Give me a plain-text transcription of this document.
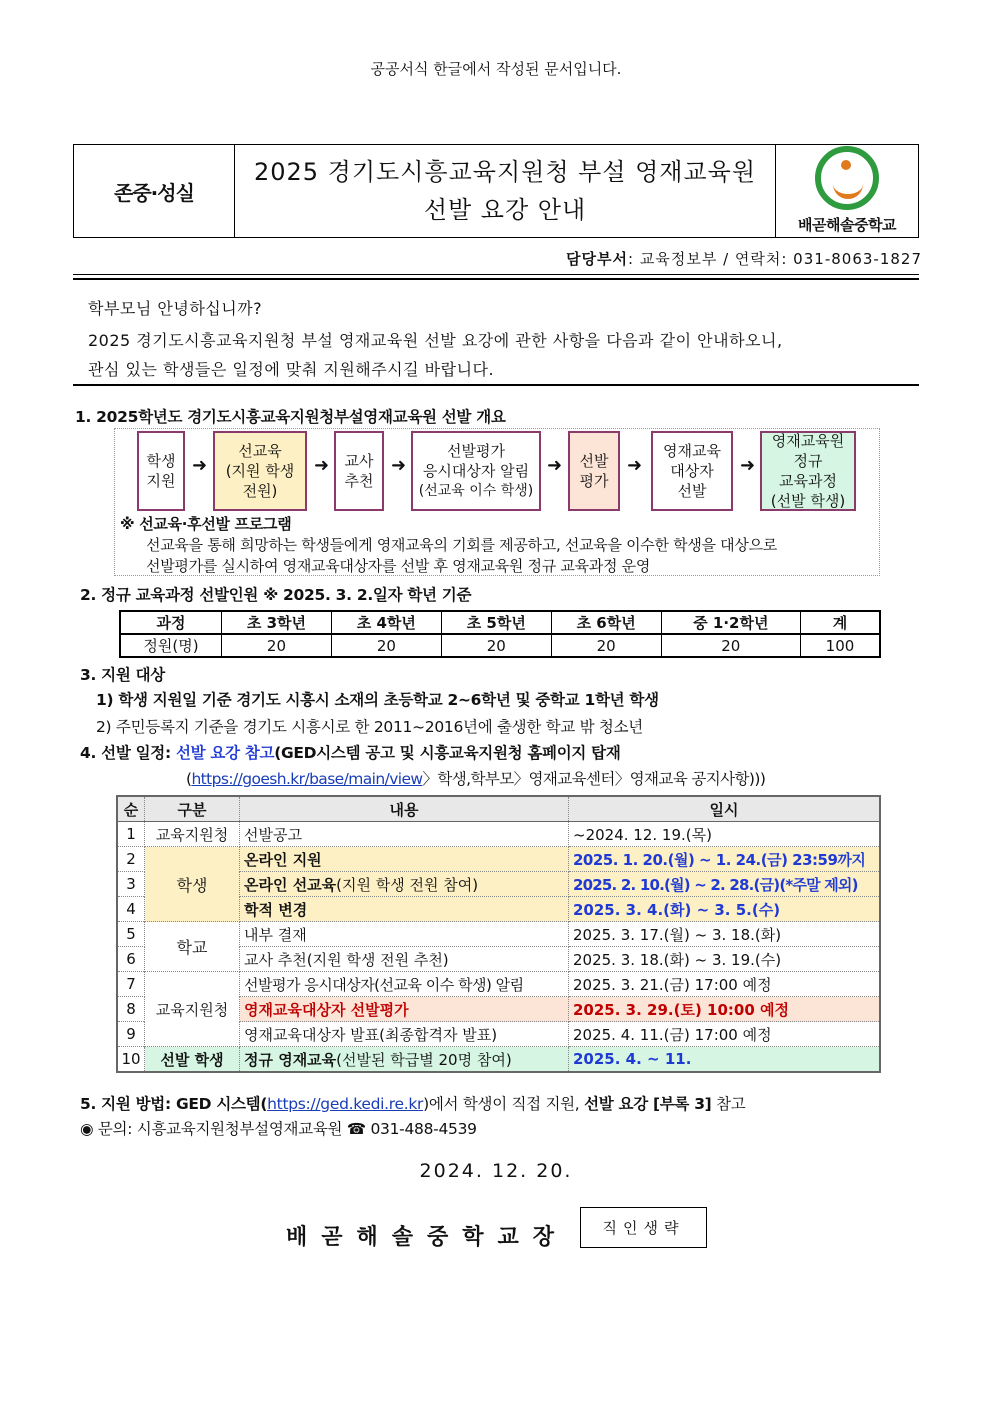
공공서식 한글에서 작성된 문서입니다.
존중·성실
2025 경기도시흥교육지원청 부설 영재교육원
선발 요강 안내
배곧해솔중학교
담당부서: 교육정보부 / 연락처: 031-8063-1827
학부모님 안녕하십니까?
2025 경기도시흥교육지원청 부설 영재교육원 선발 요강에 관한 사항을 다음과 같이 안내하오니,
관심 있는 학생들은 일정에 맞춰 지원해주시길 바랍니다.
1. 2025학년도 경기도시흥교육지원청부설영재교육원 선발 개요
학생
지원
➜
선교육
(지원 학생
전원)
➜ 교사
추천
➜
선발평가
응시대상자 알림
(선교육 이수 학생)
➜ 선발
평가
➜
영재교육
대상자
선발
➜
영재교육원
정규
교육과정
(선발 학생)
※ 선교육·후선발 프로그램
선교육을 통해 희망하는 학생들에게 영재교육의 기회를 제공하고, 선교육을 이수한 학생을 대상으로
선발평가를 실시하여 영재교육대상자를 선발 후 영재교육원 정규 교육과정 운영
2. 정규 교육과정 선발인원 ※ 2025. 3. 2.일자 학년 기준
과정	초 3학년	초 4학년	초 5학년	초 6학년	중 1·2학년	계
정원(명)	20	20	20	20	20	100
3. 지원 대상
1) 학생 지원일 기준 경기도 시흥시 소재의 초등학교 2~6학년 및 중학교 1학년 학생
2) 주민등록지 기준을 경기도 시흥시로 한 2011~2016년에 출생한 학교 밖 청소년
4. 선발 일정: 선발 요강 참고(GED시스템 공고 및 시흥교육지원청 홈페이지 탑재
(https://goesh.kr/base/main/view〉학생,학부모〉영재교육센터〉영재교육 공지사항)))
순	구분	내용	일시
1	교육지원청	선발공고	~2024. 12. 19.(목)
2	학생	온라인 지원	2025. 1. 20.(월) ~ 1. 24.(금) 23:59까지
3		온라인 선교육(지원 학생 전원 참여)	2025. 2. 10.(월) ~ 2. 28.(금)(*주말 제외)
4		학적 변경	2025. 3. 4.(화) ~ 3. 5.(수)
5	학교	내부 결재	2025. 3. 17.(월) ~ 3. 18.(화)
6		교사 추천(지원 학생 전원 추천)	2025. 3. 18.(화) ~ 3. 19.(수)
7	교육지원청	선발평가 응시대상자(선교육 이수 학생) 알림	2025. 3. 21.(금) 17:00 예정
8		영재교육대상자 선발평가	2025. 3. 29.(토) 10:00 예정
9		영재교육대상자 발표(최종합격자 발표)	2025. 4. 11.(금) 17:00 예정
10	선발 학생	정규 영재교육(선발된 학급별 20명 참여)	2025. 4. ~ 11.
5. 지원 방법: GED 시스템(https://ged.kedi.re.kr)에서 학생이 직접 지원, 선발 요강 [부록 3] 참고
◉ 문의: 시흥교육지원청부설영재교육원 ☎ 031-488-4539
2024. 12. 20.
배곧해솔중학교장	직인생략
